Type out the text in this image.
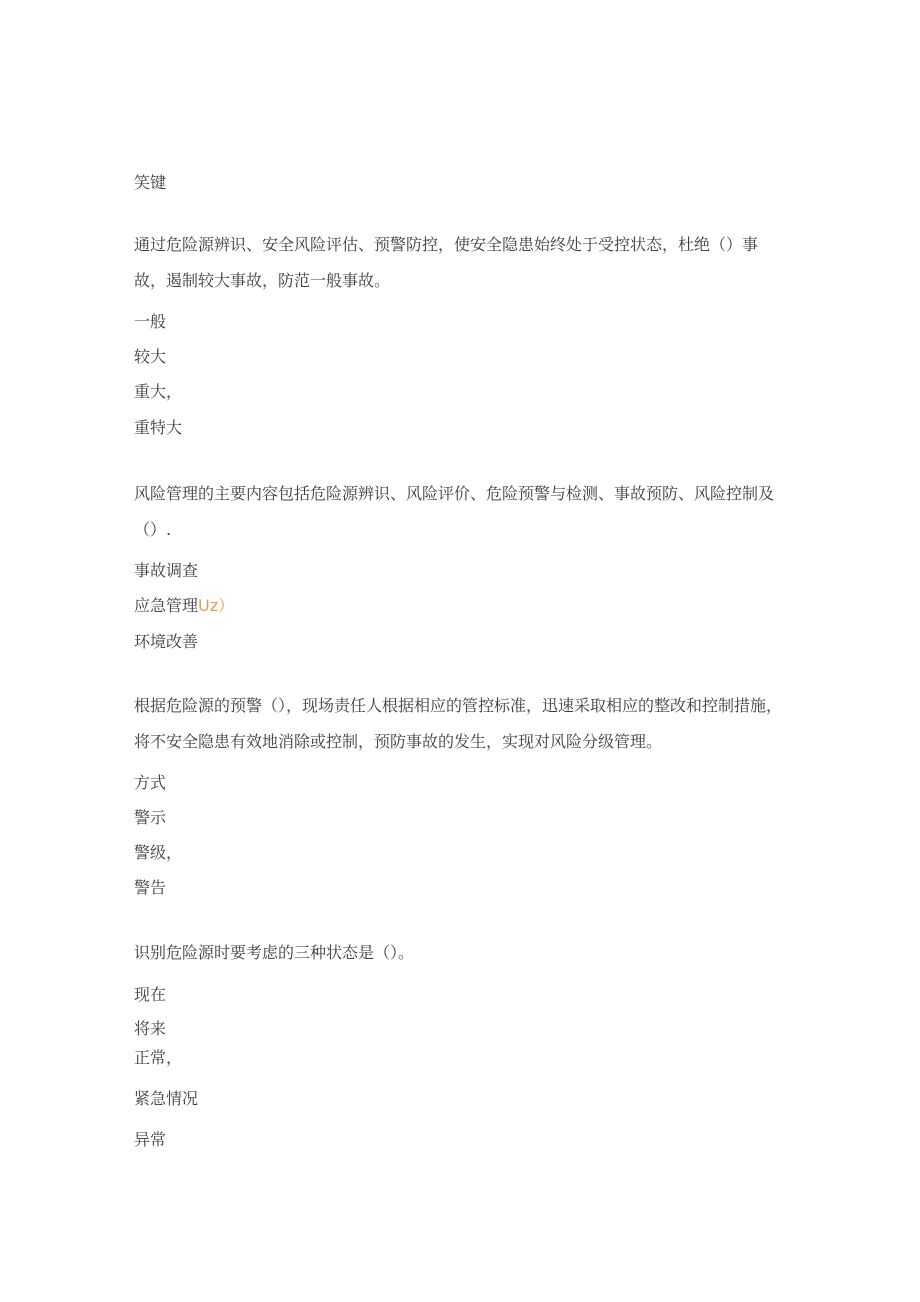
笑键
通过危险源辨识、安全风险评估、预警防控，使安全隐患始终处于受控状态，杜绝（）事故，遏制较大事故，防范一般事故。
一般
较大
重大，
重特大
风险管理的主要内容包括危险源辨识、风险评价、危险预警与检测、事故预防、风险控制及（）.
事故调查
应急管理Uz）
环境改善
根据危险源的预警（），现场责任人根据相应的管控标准，迅速采取相应的整改和控制措施，将不安全隐患有效地消除或控制，预防事故的发生，实现对风险分级管理。
方式
警示
警级，
警告
识别危险源时要考虑的三种状态是（）。
现在
将来
正常，
紧急情况
异常
